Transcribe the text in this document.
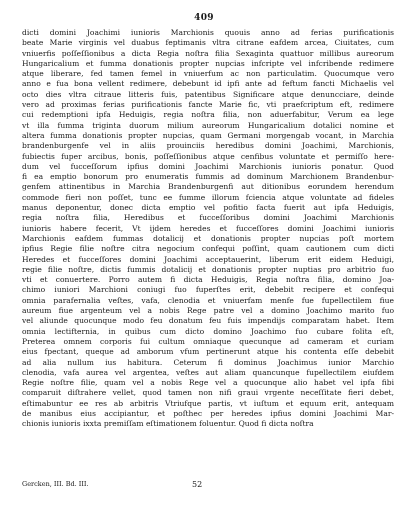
409
dicti domini Joachimi iunioris Marchionis quouis anno ad ferias purificationis
beate Marie virginis vel duabus feptimanis vltra citrane eafdem arcea, Ciuitates, cum
vniuerfis poſſeſſionibus a dicta Regia noſtra filia Sexaginta quattuor millibus aureorum
Hungaricalium et fumma donationis propter nupcias infcripte vel infcribende redimere
atque liberare, fed tamen femel in vniuerfum ac non particulatim. Quocumque vero
anno e fua bona vellent redimere, debebunt id ipfi ante ad feftum fancti Michaelis vel
octo dies vltra citraue litteris fuis, patentibus Significare atque denuncciare, deinde
vero ad proximas ferias purificationis fancte Marie fic, vti praefcriptum eft, redimere
cui redemptioni ipfa Heduigis, regia noſtra filia, non aduerfabitur, Verum ea lege
vt illa fumma triginta duorum milium aureorum Hungaricalium dotalici nomine et
altera fumma donationis propter nupcias, quam Germani morgengab vocant, in Marchia
brandenburgenfe vel in aliis prouinciis heredibus domini Joachimi, Marchionis,
fubiectis fuper arcibus, bonis, poſſeſſionibus atque cenfibus voluntate et permiſſo here-
dum vel fucceſſorum ipfius domini Joachimi Marchionis iunioris ponatur. Quod
fi ea emptio bonorum pro enumeratis fummis ad dominum Marchionem Brandenbur-
genfem attinentibus in Marchia Brandenburgenfi aut ditionibus eorundem herendum
commode fieri non poſſet, tunc ee fumme illorum fciencia atque voluntate ad fideles
manus deponentur, donec dicta emptio vel pofitio facta fuerit aut ipfa Heduigis,
regia noſtra filia, Heredibus et fucceſſoribus domini Joachimi Marchionis
iunioris habere fecerit, Vt ijdem heredes et fucceſſores domini Joachimi iunioris
Marchionis eafdem fummas dotalicij et donationis propter nupcias poſt mortem
ipfius Regie filie noſtre citra negocium confequi poſſint, quam cautionem cum dicti
Heredes et fucceſſores domini Joachimi acceptauerint, liberum erit eidem Heduigi,
regie filie noſtre, dictis fummis dotalicij et donationis propter nuptias pro arbitrio fuo
vti et conuertere. Porro autem fi dicta Heduigis, Regia noſtra filia, domino Joa-
chimo iuniori Marchioni coniugi fuo fuperſtes erit, debebit recipere et confequi
omnia parafernalia veſtes, vafa, clenodia et vniuerfam menfe fue fupellectilem fiue
aureum fiue argenteum vel a nobis Rege patre vel a domino Joachimo marito fuo
vel aliunde quocunque modo feu donatum feu fuis impendijs comparatam habet. Item
omnia lectifternia, in quibus cum dicto domino Joachimo fuo cubare folita eſt,
Preterea omnem corporis fui cultum omniaque quecunque ad cameram et curiam
eius fpectant, queque ad amborum vfum pertinerunt atque his contenta eſſe debebit
ad alia nullum ius habitura. Ceterum fi dominus Joachimus iunior Marchio
clenodia, vafa aurea vel argentea, veſtes aut aliam quancunque fupellectilem eiufdem
Regie noſtre filie, quam vel a nobis Rege vel a quocunque alio habet vel ipfa fibi
comparuit diſtrahere vellet, quod tamen non nifi graui vrgente neceſſitate fieri debet,
eſtimabuntur ee res ab arbitris Vtriufque partis, vt iuſtum et equum erit, antequam
de manibus eius accipiantur, et poſthec per heredes ipfius domini Joachimi Mar-
chionis iunioris ixxta premiſſam eſtimationem foluentur. Quod fi dicta noſtra
Gercken, III. Bd. III.	52
